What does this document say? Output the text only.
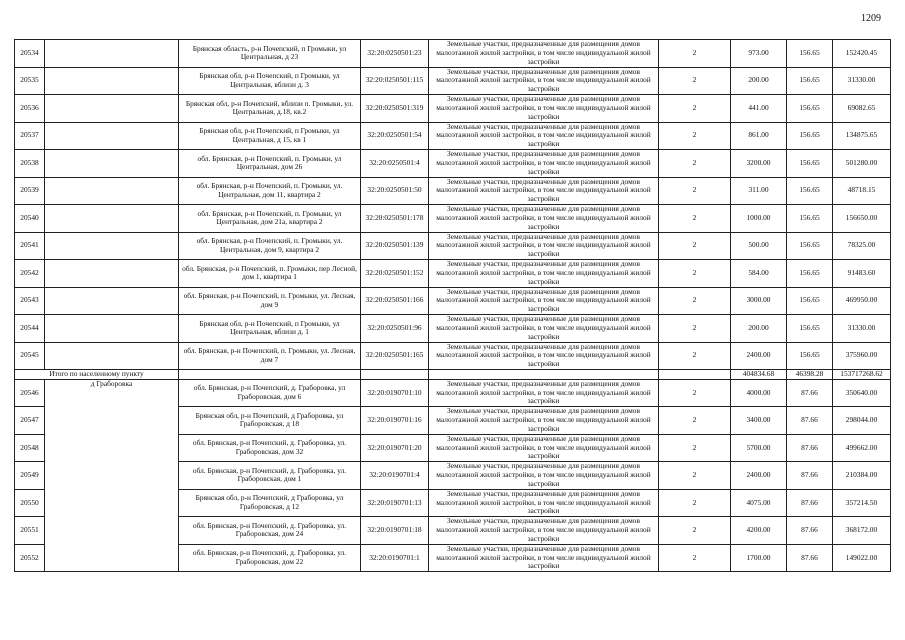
1209
20534		Брянская область, р-н Почепский, п Громыки, ул Центральная, д 23	32:20:0250501:23	Земельные участки, предназначенные для размещения домов малоэтажной жилой застройки, в том числе индивидуальной жилой застройки	2	973.00	156.65	152420.45
20535		Брянская обл, р-н Почепский, п Громыки, ул Центральная, вблизи д. 3	32:20:0250501:115	Земельные участки, предназначенные для размещения домов малоэтажной жилой застройки, в том числе индивидуальной жилой застройки	2	200.00	156.65	31330.00
20536		Брянская обл, р-н Почепский, вблизи п. Громыки, ул. Центральная, д.18, кв.2	32:20:0250501:319	Земельные участки, предназначенные для размещения домов малоэтажной жилой застройки, в том числе индивидуальной жилой застройки	2	441.00	156.65	69082.65
20537		Брянская обл, р-н Почепский, п Громыки, ул Центральная, д 15, кв 1	32:20:0250501:54	Земельные участки, предназначенные для размещения домов малоэтажной жилой застройки, в том числе индивидуальной жилой застройки	2	861.00	156.65	134875.65
20538		обл. Брянская, р-н Почепский, п. Громыки, ул Центральная, дом 26	32:20:0250501:4	Земельные участки, предназначенные для размещения домов малоэтажной жилой застройки, в том числе индивидуальной жилой застройки	2	3200.00	156.65	501280.00
20539		обл. Брянская, р-н Почепский, п. Громыки, ул. Центральная, дом 11, квартира 2	32:20:0250501:50	Земельные участки, предназначенные для размещения домов малоэтажной жилой застройки, в том числе индивидуальной жилой застройки	2	311.00	156.65	48718.15
20540		обл. Брянская, р-н Почепский, п. Громыки, ул Центральная, дом 21а, квартира 2	32:20:0250501:178	Земельные участки, предназначенные для размещения домов малоэтажной жилой застройки, в том числе индивидуальной жилой застройки	2	1000.00	156.65	156650.00
20541		обл. Брянская, р-н Почепский, п. Громыки, ул. Центральная, дом 9, квартира 2	32:20:0250501:139	Земельные участки, предназначенные для размещения домов малоэтажной жилой застройки, в том числе индивидуальной жилой застройки	2	500.00	156.65	78325.00
20542		обл. Брянская, р-н Почепский, п. Громыки, пер Лесной, дом 1, квартира 1	32:20:0250501:152	Земельные участки, предназначенные для размещения домов малоэтажной жилой застройки, в том числе индивидуальной жилой застройки	2	584.00	156.65	91483.60
20543		обл. Брянская, р-н Почепский, п. Громыки, ул. Лесная, дом 9	32:20:0250501:166	Земельные участки, предназначенные для размещения домов малоэтажной жилой застройки, в том числе индивидуальной жилой застройки	2	3000.00	156.65	469950.00
20544		Брянская обл, р-н Почепский, п Громыки, ул Центральная, вблизи д. 1	32:20:0250501:96	Земельные участки, предназначенные для размещения домов малоэтажной жилой застройки, в том числе индивидуальной жилой застройки	2	200.00	156.65	31330.00
20545		обл. Брянская, р-н Почепский, п. Громыки, ул. Лесная, дом 7	32:20:0250501:165	Земельные участки, предназначенные для размещения домов малоэтажной жилой застройки, в том числе индивидуальной жилой застройки	2	2400.00	156.65	375960.00
Итого по населенному пункту						404834.68	46398.28	153717268.62
20546	д Граборовка	обл. Брянская, р-н Почепский, д. Граборовка, ул Граборовская, дом 6	32:20:0190701:10	Земельные участки, предназначенные для размещения домов малоэтажной жилой застройки, в том числе индивидуальной жилой застройки	2	4000.00	87.66	350640.00
20547		Брянская обл, р-н Почепский, д Граборовка, ул Граборовская, д 18	32:20:0190701:16	Земельные участки, предназначенные для размещения домов малоэтажной жилой застройки, в том числе индивидуальной жилой застройки	2	3400.00	87.66	298044.00
20548		обл. Брянская, р-н Почепский, д. Граборовка, ул. Граборовская, дом 32	32:20:0190701:20	Земельные участки, предназначенные для размещения домов малоэтажной жилой застройки, в том числе индивидуальной жилой застройки	2	5700.00	87.66	499662.00
20549		обл. Брянская, р-н Почепский, д. Граборовка, ул. Граборовская, дом 1	32:20:0190701:4	Земельные участки, предназначенные для размещения домов малоэтажной жилой застройки, в том числе индивидуальной жилой застройки	2	2400.00	87.66	210384.00
20550		Брянская обл, р-н Почепский, д Граборовка, ул Граборовская, д 12	32:20:0190701:13	Земельные участки, предназначенные для размещения домов малоэтажной жилой застройки, в том числе индивидуальной жилой застройки	2	4075.00	87.66	357214.50
20551		обл. Брянская, р-н Почепский, д. Граборовка, ул. Граборовская, дом 24	32:20:0190701:18	Земельные участки, предназначенные для размещения домов малоэтажной жилой застройки, в том числе индивидуальной жилой застройки	2	4200.00	87.66	368172.00
20552		обл. Брянская, р-н Почепский, д. Граборовка, ул. Граборовская, дом 22	32:20:0190701:1	Земельные участки, предназначенные для размещения домов малоэтажной жилой застройки, в том числе индивидуальной жилой застройки	2	1700.00	87.66	149022.00
